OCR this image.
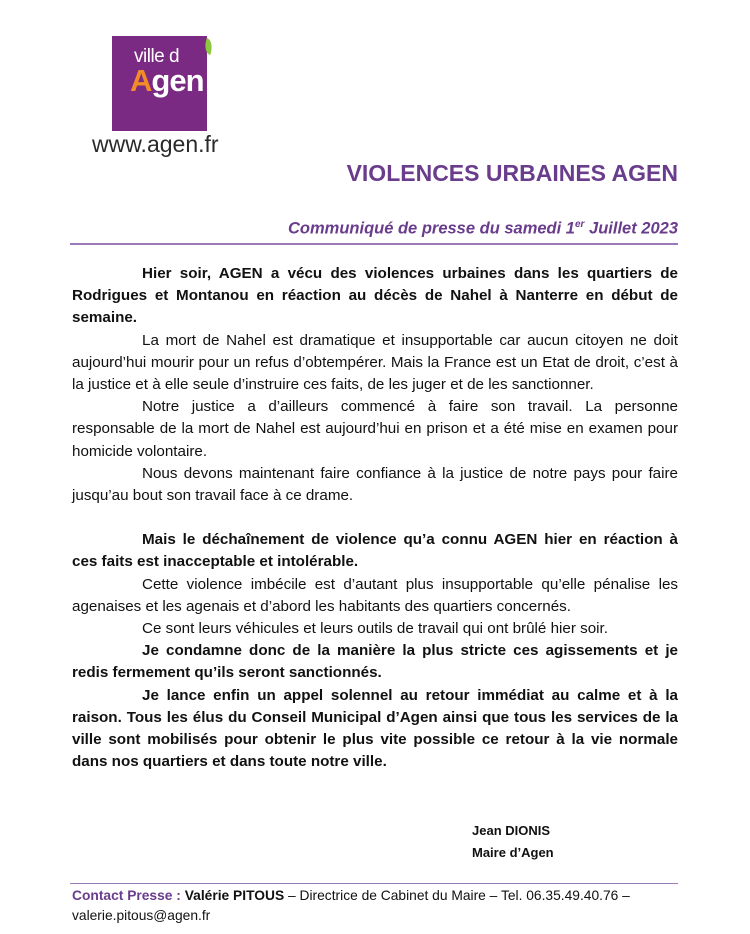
ville d
Agen
www.agen.fr
VIOLENCES URBAINES AGEN
Communiqué de presse du samedi 1er Juillet 2023

Hier soir, AGEN a vécu des violences urbaines dans les quartiers de Rodrigues et Montanou en réaction au décès de Nahel à Nanterre en début de semaine.

La mort de Nahel est dramatique et insupportable car aucun citoyen ne doit aujourd’hui mourir pour un refus d’obtempérer. Mais la France est un Etat de droit, c’est à la justice et à elle seule d’instruire ces faits, de les juger et de les sanctionner.

Notre justice a d’ailleurs commencé à faire son travail. La personne responsable de la mort de Nahel est aujourd’hui en prison et a été mise en examen pour homicide volontaire.

Nous devons maintenant faire confiance à la justice de notre pays pour faire jusqu’au bout son travail face à ce drame.

Mais le déchaînement de violence qu’a connu AGEN hier en réaction à ces faits est inacceptable et intolérable.

Cette violence imbécile est d’autant plus insupportable qu’elle pénalise les agenaises et les agenais et d’abord les habitants des quartiers concernés.

Ce sont leurs véhicules et leurs outils de travail qui ont brûlé hier soir.

Je condamne donc de la manière la plus stricte ces agissements et je redis fermement qu’ils seront sanctionnés.

Je lance enfin un appel solennel au retour immédiat au calme et à la raison. Tous les élus du Conseil Municipal d’Agen ainsi que tous les services de la ville sont mobilisés pour obtenir le plus vite possible ce retour à la vie normale dans nos quartiers et dans toute notre ville.

Jean DIONIS
Maire d’Agen
Contact Presse : Valérie PITOUS – Directrice de Cabinet du Maire – Tel. 06.35.49.40.76 –
valerie.pitous@agen.fr
